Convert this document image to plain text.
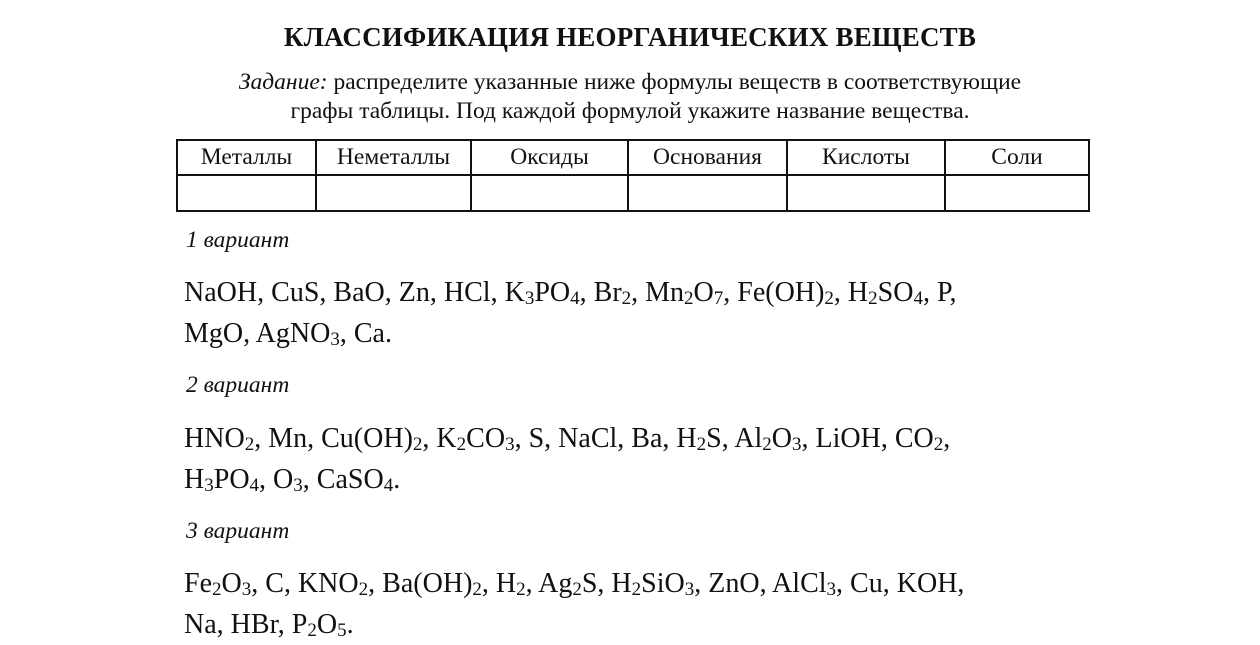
КЛАССИФИКАЦИЯ НЕОРГАНИЧЕСКИХ ВЕЩЕСТВ
Задание: распределите указанные ниже формулы веществ в соответствующие
графы таблицы. Под каждой формулой укажите название вещества.
Металлы	Неметаллы	Оксиды	Основания	Кислоты	Соли

1 вариант
NaOH, CuS, BaO, Zn, HCl, $K_3PO_4$, $Br_2$, $Mn_2O_7$, $Fe(OH)_2$, $H_2SO_4$, P,
MgO, AgNO$_3$, Ca.
2 вариант
$HNO_2$, Mn, $Cu(OH)_2$, $K_2CO_3$, S, NaCl, Ba, $H_2S$, $Al_2O_3$, LiOH, $CO_2$,
$H_3PO_4$, $O_3$, CaSO$_4$.
3 вариант
$Fe_2O_3$, C, $KNO_2$, $Ba(OH)_2$, $H_2$, $Ag_2S$, $H_2SiO_3$, ZnO, AlCl$_3$, Cu, KOH,
Na, HBr, $P_2O_5$.
